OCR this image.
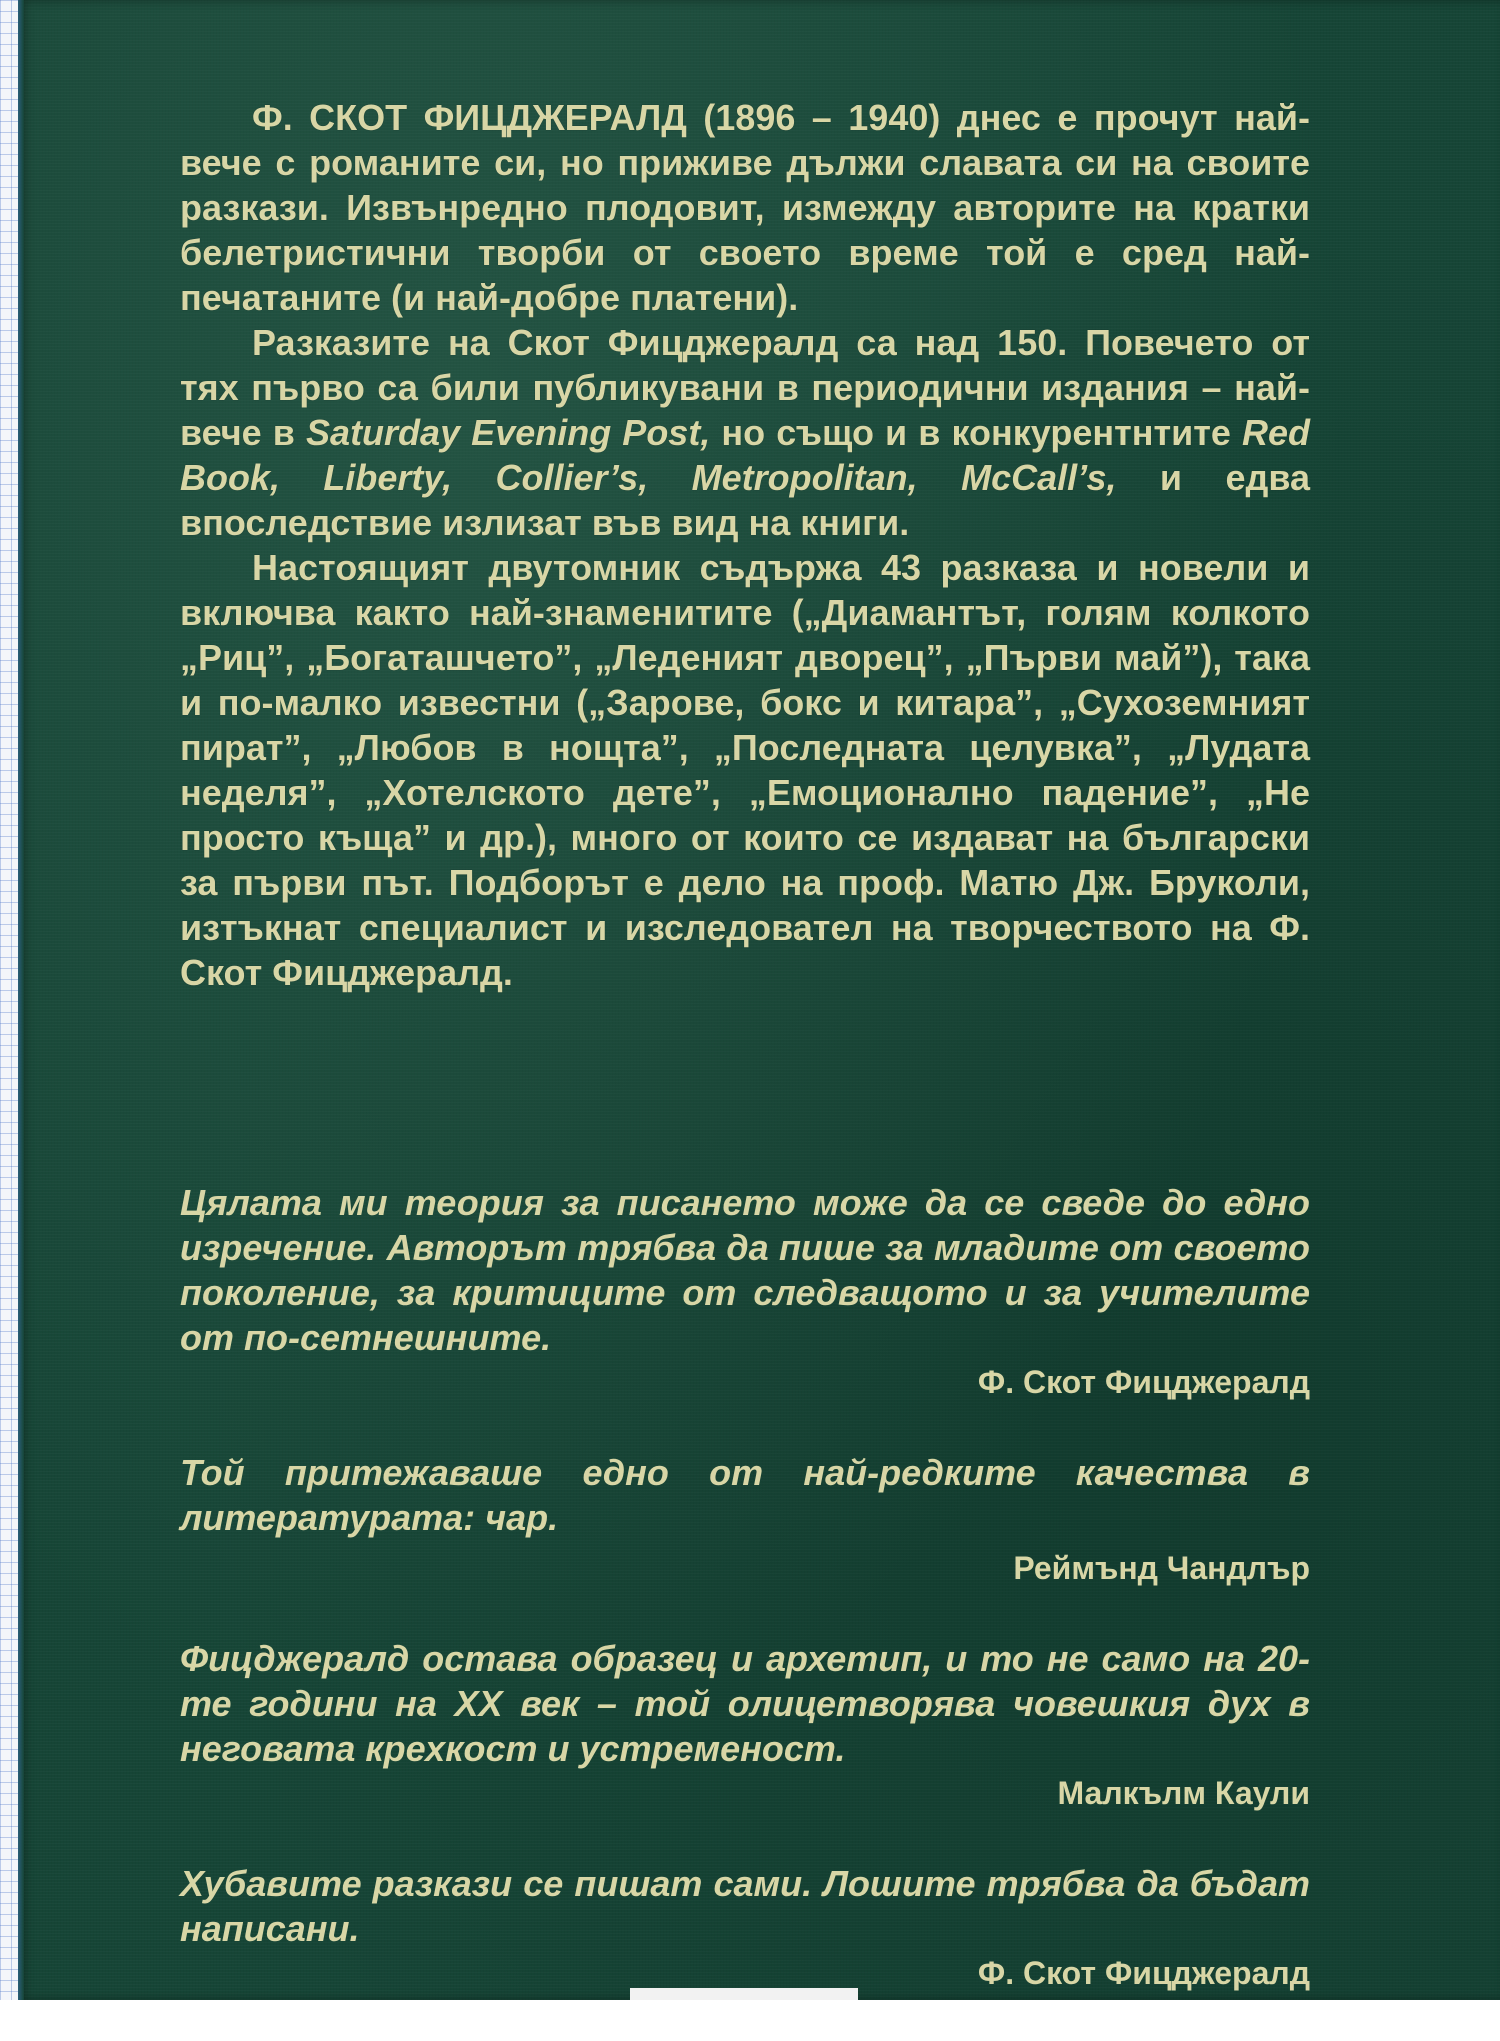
Ф. СКОТ ФИЦДЖЕРАЛД (1896 – 1940) днес е прочут най-вече с романите си, но приживе дължи славата си на своите разкази. Извънредно плодовит, измежду авторите на кратки белетристични творби от своето време той е сред най-печатаните (и най-добре платени).

Разказите на Скот Фицджералд са над 150. Повечето от тях първо са били публикувани в периодични издания – най-вече в Saturday Evening Post, но също и в конкурентнтите Red Book, Liberty, Collier’s, Metropolitan, McCall’s, и едва впоследствие излизат във вид на книги.

Настоящият двутомник съдържа 43 разказа и новели и включва както най-знаменитите („Диамантът, голям колкото „Риц”, „Богаташчето”, „Леденият дворец”, „Първи май”), така и по-малко известни („Зарове, бокс и китара”, „Сухоземният пират”, „Любов в нощта”, „Последната целувка”, „Лудата неделя”, „Хотелското дете”, „Емоционално падение”, „Не просто къща” и др.), много от които се издават на български за първи път. Подборът е дело на проф. Матю Дж. Бруколи, изтъкнат специалист и изследовател на творчеството на Ф. Скот Фицджералд.

Цялата ми теория за писането може да се сведе до едно изречение. Авторът трябва да пише за младите от своето поколение, за критиците от следващото и за учителите от по-сетнешните.

Ф. Скот Фицджералд

Той притежаваше едно от най-редките качества в литературата: чар.

Реймънд Чандлър

Фицджералд остава образец и архетип, и то не само на 20-те години на XX век – той олицетворява човешкия дух в неговата крехкост и устременост.

Малкълм Каули

Хубавите разкази се пишат сами. Лошите трябва да бъдат написани.

Ф. Скот Фицджералд
